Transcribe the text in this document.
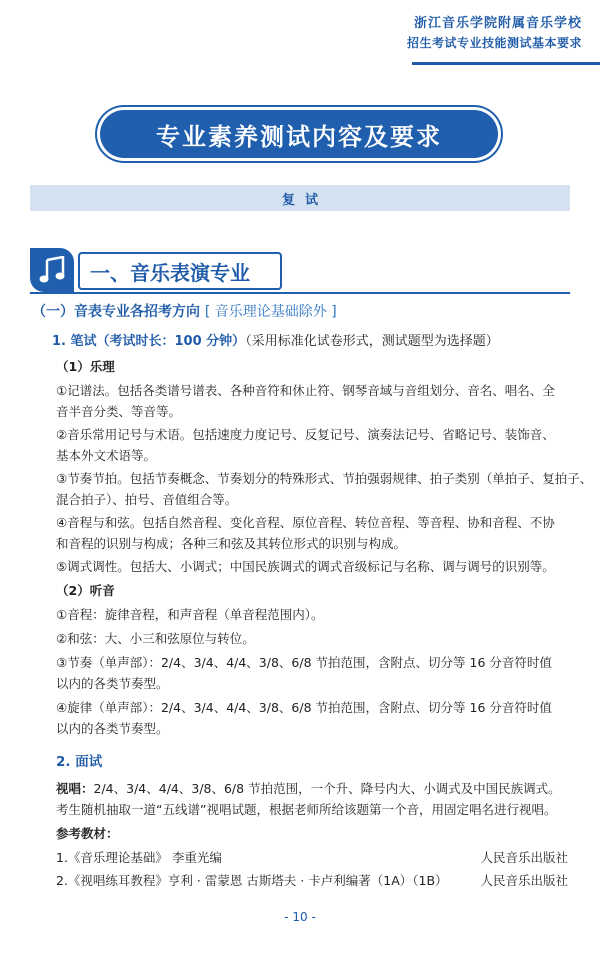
浙江音乐学院附属音乐学校
招生考试专业技能测试基本要求
专业素养测试内容及要求
复试
一、音乐表演专业
（一）音表专业各招考方向 [ 音乐理论基础除外 ]
1. 笔试（考试时长：100 分钟）（采用标准化试卷形式，测试题型为选择题）
（1）乐理
①记谱法。包括各类谱号谱表、各种音符和休止符、钢琴音域与音组划分、音名、唱名、全
音半音分类、等音等。
②音乐常用记号与术语。包括速度力度记号、反复记号、演奏法记号、省略记号、装饰音、
基本外文术语等。
③节奏节拍。包括节奏概念、节奏划分的特殊形式、节拍强弱规律、拍子类别（单拍子、复拍子、
混合拍子）、拍号、音值组合等。
④音程与和弦。包括自然音程、变化音程、原位音程、转位音程、等音程、协和音程、不协
和音程的识别与构成；各种三和弦及其转位形式的识别与构成。
⑤调式调性。包括大、小调式；中国民族调式的调式音级标记与名称、调与调号的识别等。
（2）听音
①音程：旋律音程，和声音程（单音程范围内）。
②和弦：大、小三和弦原位与转位。
③节奏（单声部）：2/4、3/4、4/4、3/8、6/8 节拍范围，含附点、切分等 16 分音符时值
以内的各类节奏型。
④旋律（单声部）：2/4、3/4、4/4、3/8、6/8 节拍范围，含附点、切分等 16 分音符时值
以内的各类节奏型。
2. 面试
视唱：2/4、3/4、4/4、3/8、6/8 节拍范围，一个升、降号内大、小调式及中国民族调式。
考生随机抽取一道“五线谱”视唱试题，根据老师所给该题第一个音，用固定唱名进行视唱。
参考教材：
1.《音乐理论基础》 李重光编	人民音乐出版社
2.《视唱练耳教程》亨利 · 雷蒙恩 古斯塔夫 · 卡卢利编著（1A）（1B）	人民音乐出版社
- 10 -
